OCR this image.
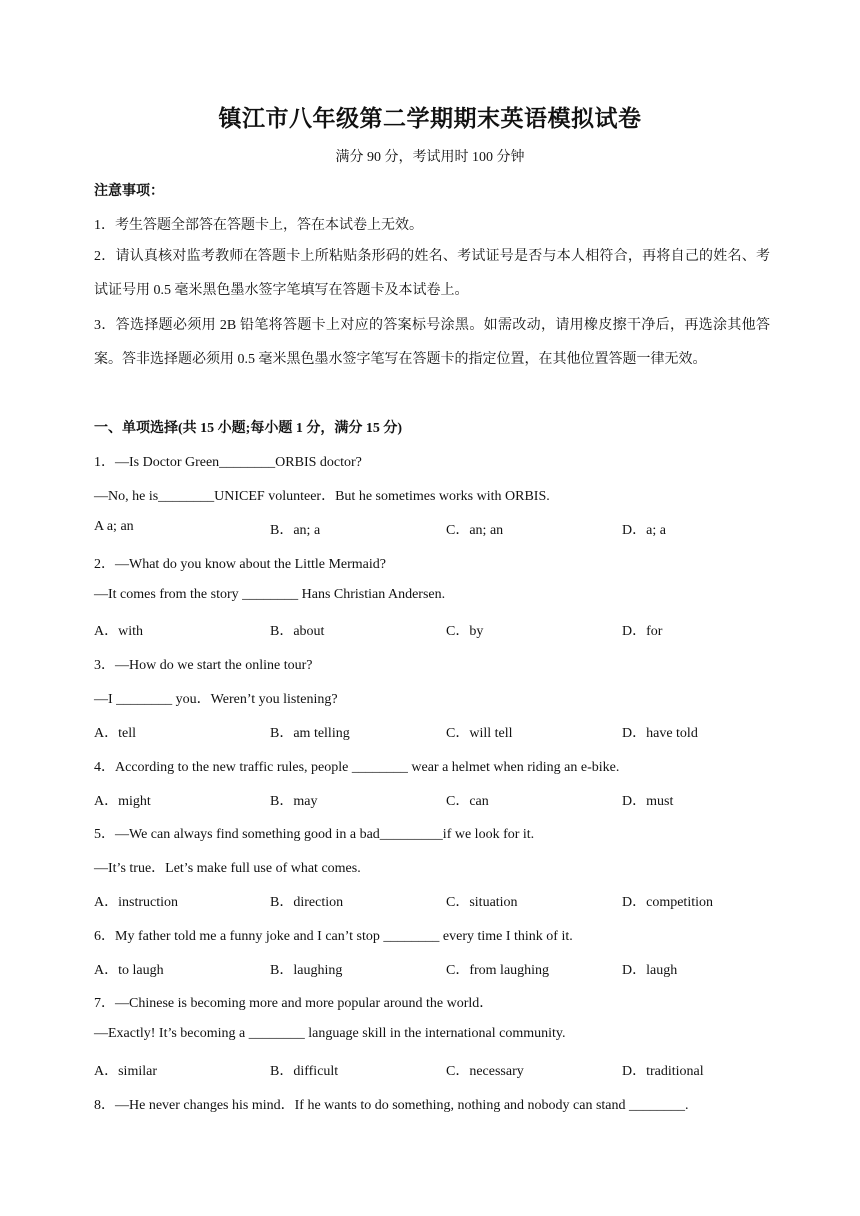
镇江市八年级第二学期期末英语模拟试卷
满分 90 分，考试用时 100 分钟
注意事项：
1．考生答题全部答在答题卡上，答在本试卷上无效。
2．请认真核对监考教师在答题卡上所粘贴条形码的姓名、考试证号是否与本人相符合，再将自己的姓名、考试证号用 0.5 毫米黑色墨水签字笔填写在答题卡及本试卷上。
3．答选择题必须用 2B 铅笔将答题卡上对应的答案标号涂黑。如需改动，请用橡皮擦干净后，再选涂其他答案。答非选择题必须用 0.5 毫米黑色墨水签字笔写在答题卡的指定位置，在其他位置答题一律无效。
一、单项选择(共 15 小题;每小题 1 分，满分 15 分)
1．—Is Doctor Green________ORBIS doctor?
—No, he is________UNICEF volunteer．But he sometimes works with ORBIS.
A a; an	B．an; a	C．an; an	D．a; a
2．—What do you know about the Little Mermaid?
—It comes from the story ________ Hans Christian Andersen.
A．with	B．about	C．by	D．for
3．—How do we start the online tour?
—I ________ you．Weren’t you listening?
A．tell	B．am telling	C．will tell	D．have told
4．According to the new traffic rules, people ________ wear a helmet when riding an e-bike.
A．might	B．may	C．can	D．must
5．—We can always find something good in a bad_________if we look for it.
—It’s true．Let’s make full use of what comes.
A．instruction	B．direction	C．situation	D．competition
6．My father told me a funny joke and I can’t stop ________ every time I think of it.
A．to laugh	B．laughing	C．from laughing	D．laugh
7．—Chinese is becoming more and more popular around the world．
—Exactly! It’s becoming a ________ language skill in the international community.
A．similar	B．difficult	C．necessary	D．traditional
8．—He never changes his mind．If he wants to do something, nothing and nobody can stand ________.
